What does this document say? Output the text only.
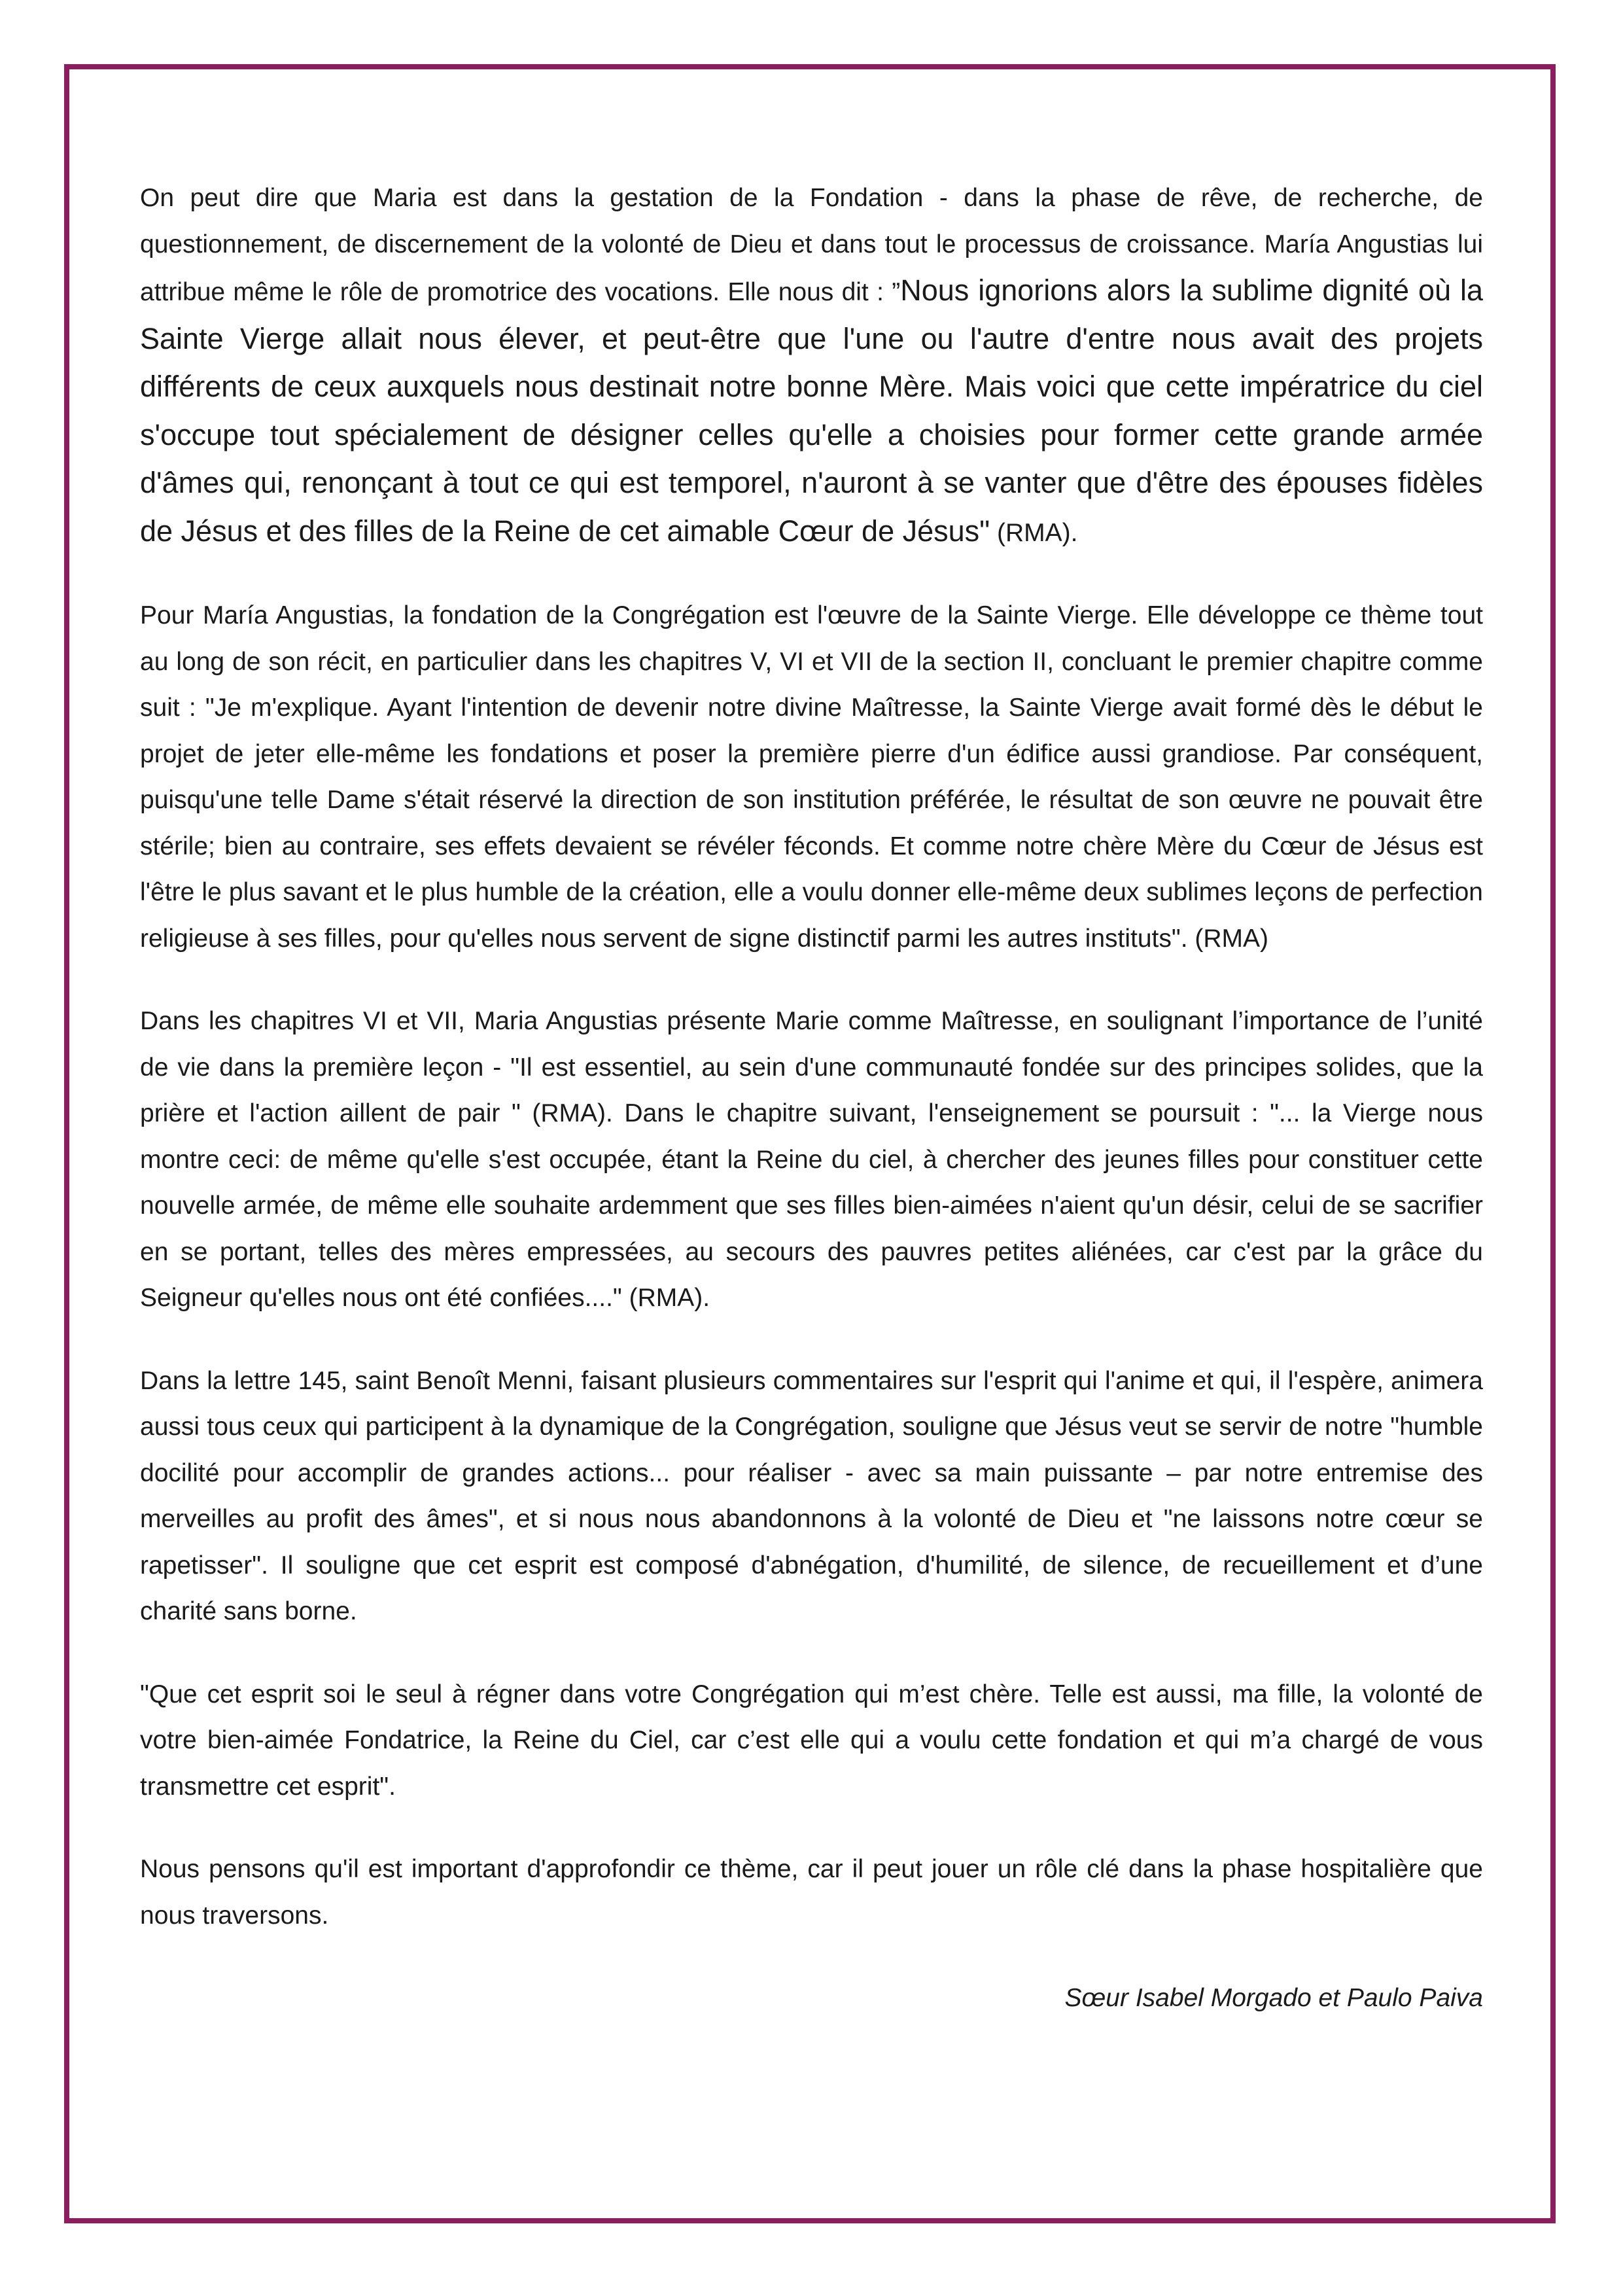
On peut dire que Maria est dans la gestation de la Fondation - dans la phase de rêve, de recherche, de questionnement, de discernement de la volonté de Dieu et dans tout le processus de croissance. María Angustias lui attribue même le rôle de promotrice des vocations. Elle nous dit : ”Nous ignorions alors la sublime dignité où la Sainte Vierge allait nous élever, et peut-être que l'une ou l'autre d'entre nous avait des projets différents de ceux auxquels nous destinait notre bonne Mère. Mais voici que cette impératrice du ciel s'occupe tout spécialement de désigner celles qu'elle a choisies pour former cette grande armée d'âmes qui, renonçant à tout ce qui est temporel, n'auront à se vanter que d'être des épouses fidèles de Jésus et des filles de la Reine de cet aimable Cœur de Jésus" (RMA).

Pour María Angustias, la fondation de la Congrégation est l'œuvre de la Sainte Vierge. Elle développe ce thème tout au long de son récit, en particulier dans les chapitres V, VI et VII de la section II, concluant le premier chapitre comme suit : "Je m'explique. Ayant l'intention de devenir notre divine Maîtresse, la Sainte Vierge avait formé dès le début le projet de jeter elle-même les fondations et poser la première pierre d'un édifice aussi grandiose. Par conséquent, puisqu'une telle Dame s'était réservé la direction de son institution préférée, le résultat de son œuvre ne pouvait être stérile; bien au contraire, ses effets devaient se révéler féconds. Et comme notre chère Mère du Cœur de Jésus est l'être le plus savant et le plus humble de la création, elle a voulu donner elle-même deux sublimes leçons de perfection religieuse à ses filles, pour qu'elles nous servent de signe distinctif parmi les autres instituts". (RMA)

Dans les chapitres VI et VII, Maria Angustias présente Marie comme Maîtresse, en soulignant l’importance de l’unité de vie dans la première leçon - "Il est essentiel, au sein d'une communauté fondée sur des principes solides, que la prière et l'action aillent de pair " (RMA). Dans le chapitre suivant, l'enseignement se poursuit : "... la Vierge nous montre ceci: de même qu'elle s'est occupée, étant la Reine du ciel, à chercher des jeunes filles pour constituer cette nouvelle armée, de même elle souhaite ardemment que ses filles bien-aimées n'aient qu'un désir, celui de se sacrifier en se portant, telles des mères empressées, au secours des pauvres petites aliénées, car c'est par la grâce du Seigneur qu'elles nous ont été confiées...." (RMA).

Dans la lettre 145, saint Benoît Menni, faisant plusieurs commentaires sur l'esprit qui l'anime et qui, il l'espère, animera aussi tous ceux qui participent à la dynamique de la Congrégation, souligne que Jésus veut se servir de notre "humble docilité pour accomplir de grandes actions... pour réaliser - avec sa main puissante – par notre entremise des merveilles au profit des âmes", et si nous nous abandonnons à la volonté de Dieu et "ne laissons notre cœur se rapetisser". Il souligne que cet esprit est composé d'abnégation, d'humilité, de silence, de recueillement et d’une charité sans borne.

"Que cet esprit soi le seul à régner dans votre Congrégation qui m’est chère. Telle est aussi, ma fille, la volonté de votre bien-aimée Fondatrice, la Reine du Ciel, car c’est elle qui a voulu cette fondation et qui m’a chargé de vous transmettre cet esprit".

Nous pensons qu'il est important d'approfondir ce thème, car il peut jouer un rôle clé dans la phase hospitalière que nous traversons.

Sœur Isabel Morgado et Paulo Paiva
